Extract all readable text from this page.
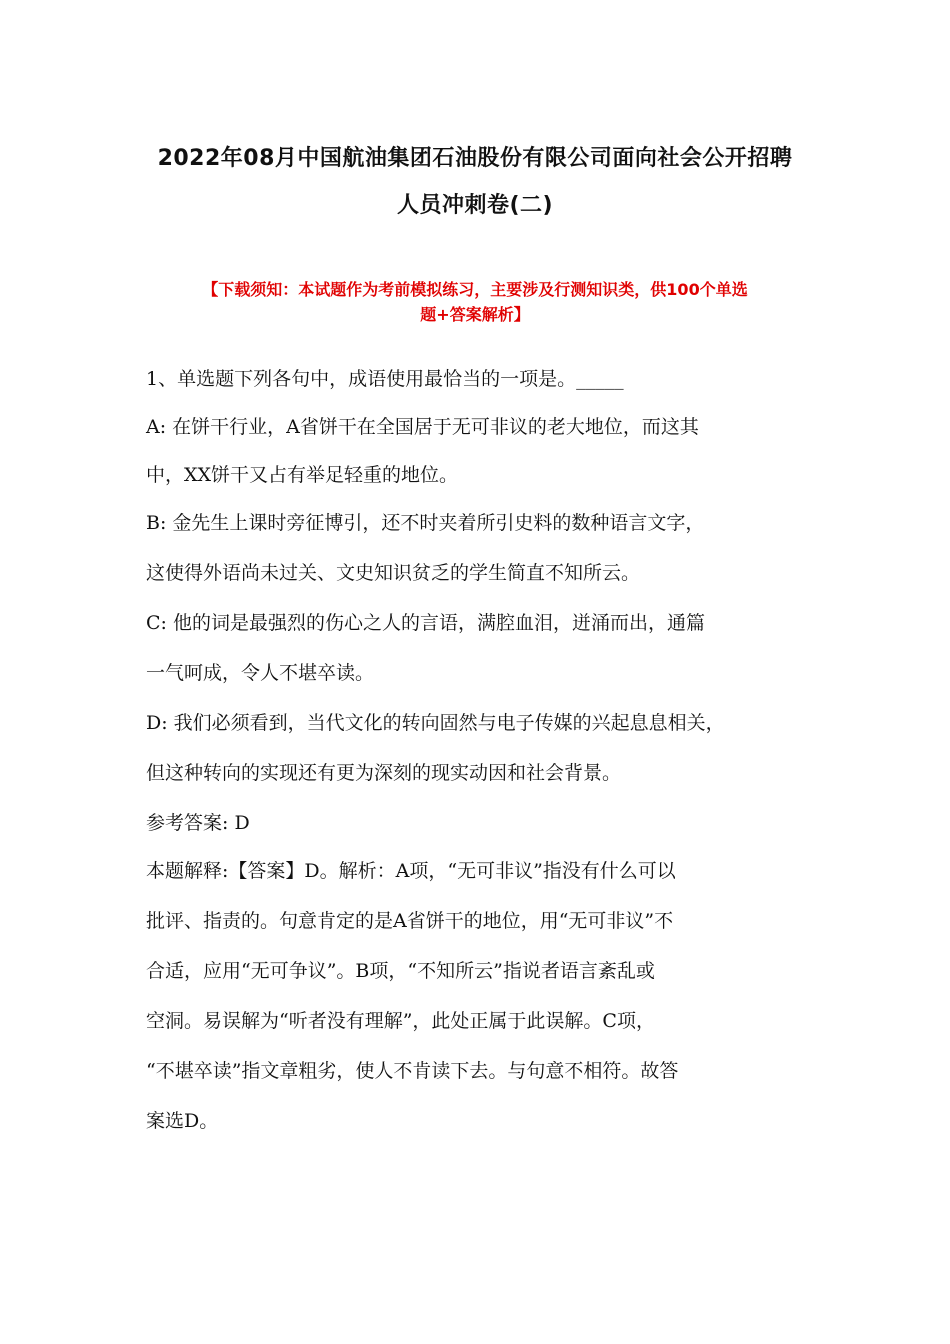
2022年08月中国航油集团石油股份有限公司面向社会公开招聘
人员冲刺卷(二)
【下载须知：本试题作为考前模拟练习，主要涉及行测知识类，供100个单选
题+答案解析】
1、单选题下列各句中，成语使用最恰当的一项是。_____
A: 在饼干行业，A省饼干在全国居于无可非议的老大地位，而这其
中，XX饼干又占有举足轻重的地位。
B: 金先生上课时旁征博引，还不时夹着所引史料的数种语言文字，
这使得外语尚未过关、文史知识贫乏的学生简直不知所云。
C: 他的词是最强烈的伤心之人的言语，满腔血泪，迸涌而出，通篇
一气呵成，令人不堪卒读。
D: 我们必须看到，当代文化的转向固然与电子传媒的兴起息息相关，
但这种转向的实现还有更为深刻的现实动因和社会背景。
参考答案: D
本题解释:【答案】D。解析：A项，“无可非议”指没有什么可以
批评、指责的。句意肯定的是A省饼干的地位，用“无可非议”不
合适，应用“无可争议”。B项，“不知所云”指说者语言紊乱或
空洞。易误解为“听者没有理解”，此处正属于此误解。C项，
“不堪卒读”指文章粗劣，使人不肯读下去。与句意不相符。故答
案选D。
